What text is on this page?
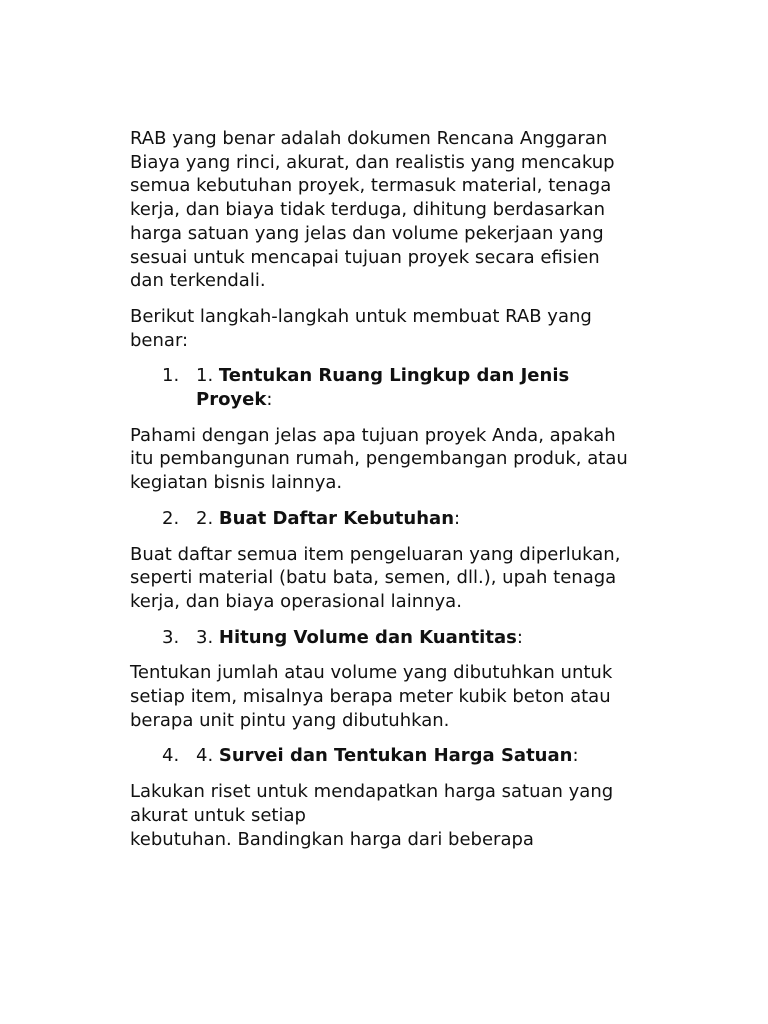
RAB yang benar adalah dokumen Rencana Anggaran Biaya yang rinci, akurat, dan realistis yang mencakup semua kebutuhan proyek, termasuk material, tenaga kerja, dan biaya tidak terduga, dihitung berdasarkan harga satuan yang jelas dan volume pekerjaan yang sesuai untuk mencapai tujuan proyek secara efisien dan terkendali.

Berikut langkah-langkah untuk membuat RAB yang benar:

1. 1. Tentukan Ruang Lingkup dan Jenis Proyek:

Pahami dengan jelas apa tujuan proyek Anda, apakah itu pembangunan rumah, pengembangan produk, atau kegiatan bisnis lainnya.

2. 2. Buat Daftar Kebutuhan:

Buat daftar semua item pengeluaran yang diperlukan, seperti material (batu bata, semen, dll.), upah tenaga kerja, dan biaya operasional lainnya.

3. 3. Hitung Volume dan Kuantitas:

Tentukan jumlah atau volume yang dibutuhkan untuk setiap item, misalnya berapa meter kubik beton atau berapa unit pintu yang dibutuhkan.

4. 4. Survei dan Tentukan Harga Satuan:

Lakukan riset untuk mendapatkan harga satuan yang akurat untuk setiap
kebutuhan. Bandingkan harga dari beberapa
